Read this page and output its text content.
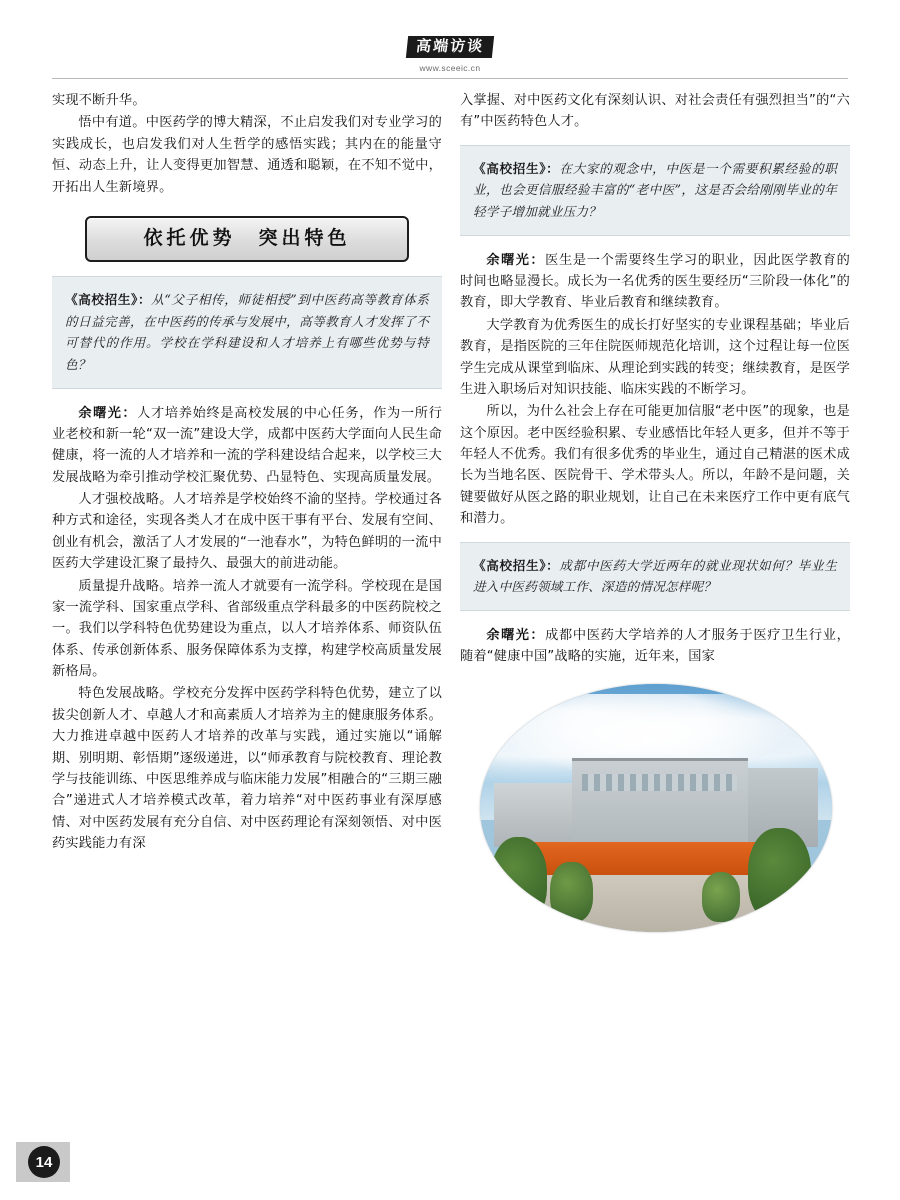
高端访谈
www.sceeic.cn

实现不断升华。

悟中有道。中医药学的博大精深，不止启发我们对专业学习的实践成长，也启发我们对人生哲学的感悟实践；其内在的能量守恒、动态上升，让人变得更加智慧、通透和聪颖，在不知不觉中，开拓出人生新境界。

依托优势　突出特色
《高校招生》：从“父子相传，师徒相授”到中医药高等教育体系的日益完善，在中医药的传承与发展中，高等教育人才发挥了不可替代的作用。学校在学科建设和人才培养上有哪些优势与特色？

余曙光：人才培养始终是高校发展的中心任务，作为一所行业老校和新一轮“双一流”建设大学，成都中医药大学面向人民生命健康，将一流的人才培养和一流的学科建设结合起来，以学校三大发展战略为牵引推动学校汇聚优势、凸显特色、实现高质量发展。

人才强校战略。人才培养是学校始终不渝的坚持。学校通过各种方式和途径，实现各类人才在成中医干事有平台、发展有空间、创业有机会，激活了人才发展的“一池春水”，为特色鲜明的一流中医药大学建设汇聚了最持久、最强大的前进动能。

质量提升战略。培养一流人才就要有一流学科。学校现在是国家一流学科、国家重点学科、省部级重点学科最多的中医药院校之一。我们以学科特色优势建设为重点，以人才培养体系、师资队伍体系、传承创新体系、服务保障体系为支撑，构建学校高质量发展新格局。

特色发展战略。学校充分发挥中医药学科特色优势，建立了以拔尖创新人才、卓越人才和高素质人才培养为主的健康服务体系。大力推进卓越中医药人才培养的改革与实践，通过实施以“诵解期、别明期、彰悟期”逐级递进，以“师承教育与院校教育、理论教学与技能训练、中医思维养成与临床能力发展”相融合的“三期三融合”递进式人才培养模式改革，着力培养“对中医药事业有深厚感情、对中医药发展有充分自信、对中医药理论有深刻领悟、对中医药实践能力有深

入掌握、对中医药文化有深刻认识、对社会责任有强烈担当”的“六有”中医药特色人才。

《高校招生》：在大家的观念中，中医是一个需要积累经验的职业，也会更信服经验丰富的“老中医”，这是否会给刚刚毕业的年轻学子增加就业压力？

余曙光：医生是一个需要终生学习的职业，因此医学教育的时间也略显漫长。成长为一名优秀的医生要经历“三阶段一体化”的教育，即大学教育、毕业后教育和继续教育。

大学教育为优秀医生的成长打好坚实的专业课程基础；毕业后教育，是指医院的三年住院医师规范化培训，这个过程让每一位医学生完成从课堂到临床、从理论到实践的转变；继续教育，是医学生进入职场后对知识技能、临床实践的不断学习。

所以，为什么社会上存在可能更加信服“老中医”的现象，也是这个原因。老中医经验积累、专业感悟比年轻人更多，但并不等于年轻人不优秀。我们有很多优秀的毕业生，通过自己精湛的医术成长为当地名医、医院骨干、学术带头人。所以，年龄不是问题，关键要做好从医之路的职业规划，让自己在未来医疗工作中更有底气和潜力。

《高校招生》：成都中医药大学近两年的就业现状如何？毕业生进入中医药领域工作、深造的情况怎样呢？

余曙光：成都中医药大学培养的人才服务于医疗卫生行业，随着“健康中国”战略的实施，近年来，国家

14
